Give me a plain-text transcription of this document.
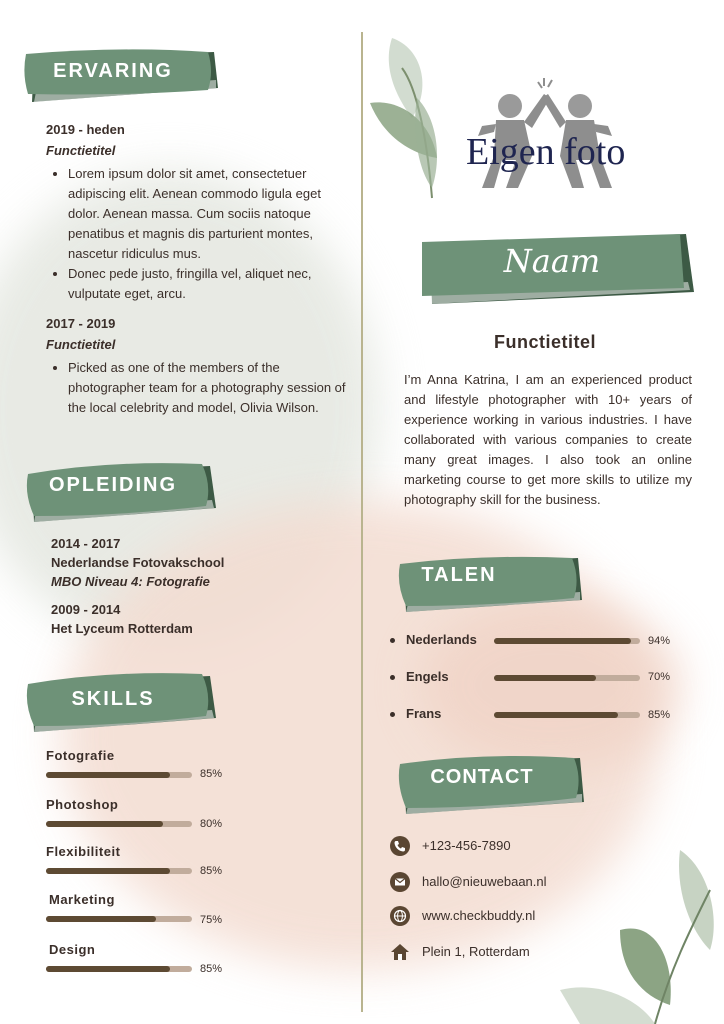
ERVARING
2019 - heden
Functietitel
• Lorem ipsum dolor sit amet, consectetuer adipiscing elit. Aenean commodo ligula eget dolor. Aenean massa. Cum sociis natoque penatibus et magnis dis parturient montes, nascetur ridiculus mus.
• Donec pede justo, fringilla vel, aliquet nec, vulputate eget, arcu.
2017 - 2019
Functietitel
• Picked as one of the members of the photographer team for a photography session of the local celebrity and model, Olivia Wilson.
OPLEIDING
2014 - 2017
Nederlandse Fotovakschool
MBO Niveau 4: Fotografie
2009 - 2014
Het Lyceum Rotterdam
SKILLS
Fotografie
85%
Photoshop
80%
Flexibiliteit
85%
Marketing
75%
Design
85%
Eigen foto
Naam
Functietitel
I’m Anna Katrina, I am an experienced product and lifestyle photographer with 10+ years of experience working in various industries. I have collaborated with various companies to create many great images. I also took an online marketing course to get more skills to utilize my photography skill for the business.
TALEN
Nederlands	94%
Engels	70%
Frans	85%
CONTACT
+123-456-7890
hallo@nieuwebaan.nl
www.checkbuddy.nl
Plein 1, Rotterdam
